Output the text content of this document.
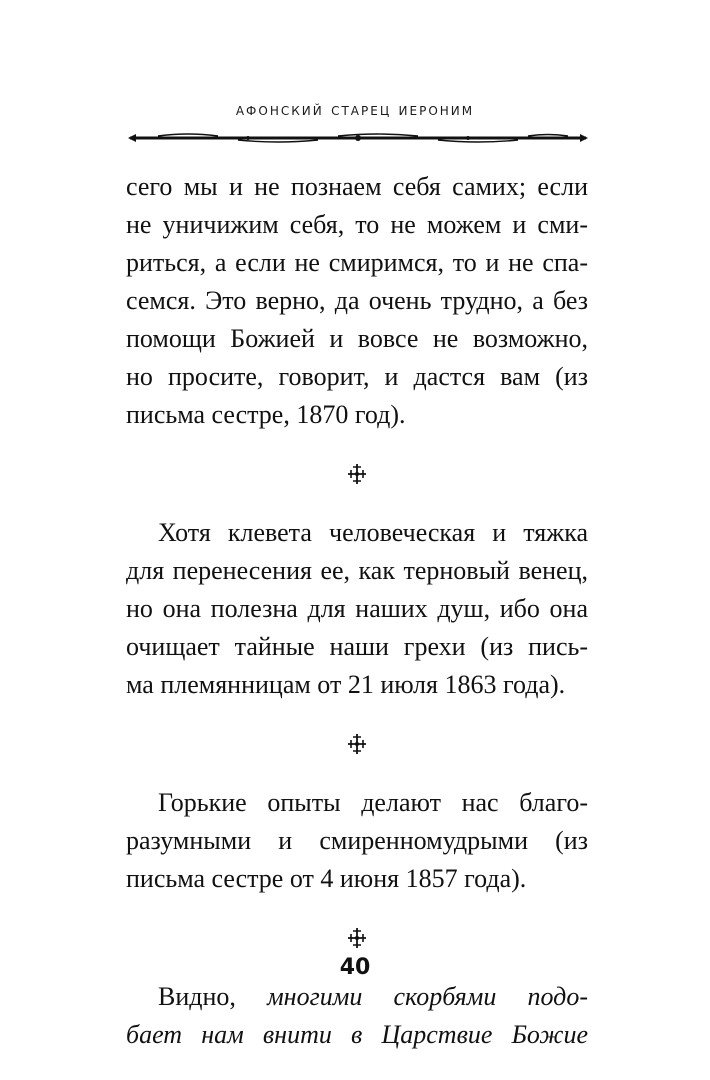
афонский старец иероним

сего мы и не познаем себя самих; если
не уничижим себя, то не можем и сми-
риться, а если не смиримся, то и не спа-
семся. Это верно, да очень трудно, а без
помощи Божией и вовсе не возможно,
но просите, говорит, и дастся вам (из
письма сестре, 1870 год).

Хотя клевета человеческая и тяжка
для перенесения ее, как терновый венец,
но она полезна для наших душ, ибо она
очищает тайные наши грехи (из пись-
ма племянницам от 21 июля 1863 года).

Горькие опыты делают нас благо-
разумными и смиренномудрыми (из
письма сестре от 4 июня 1857 года).

Видно, многими скорбями подо-
бает нам внити в Царствие Божие

40
